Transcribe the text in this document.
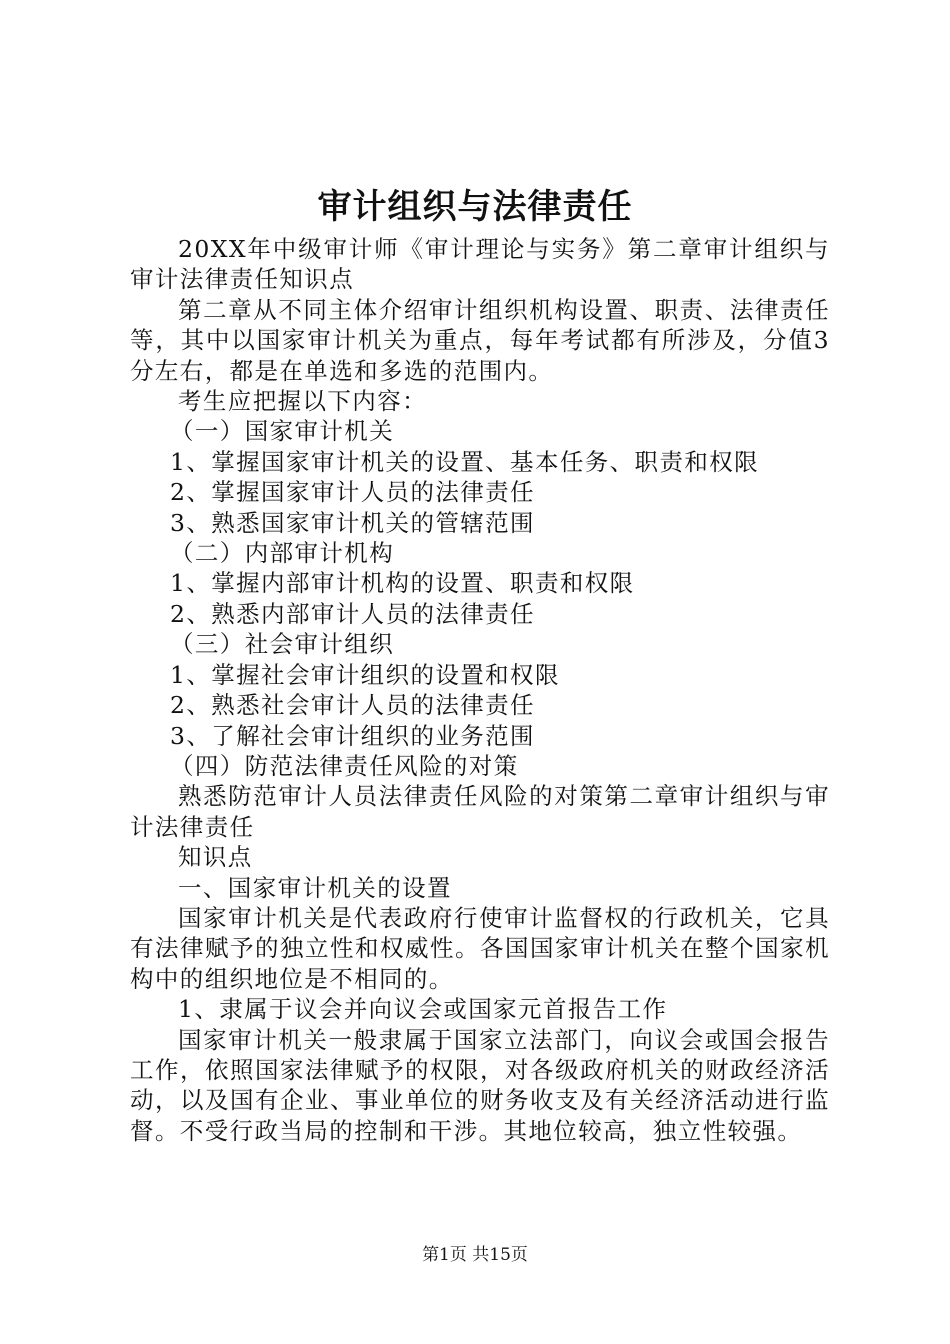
审计组织与法律责任

20XX年中级审计师《审计理论与实务》第二章审计组织与审计法律责任知识点

第二章从不同主体介绍审计组织机构设置、职责、法律责任等，其中以国家审计机关为重点，每年考试都有所涉及，分值3分左右，都是在单选和多选的范围内。

考生应把握以下内容：

（一）国家审计机关

1、掌握国家审计机关的设置、基本任务、职责和权限

2、掌握国家审计人员的法律责任

3、熟悉国家审计机关的管辖范围

（二）内部审计机构

1、掌握内部审计机构的设置、职责和权限

2、熟悉内部审计人员的法律责任

（三）社会审计组织

1、掌握社会审计组织的设置和权限

2、熟悉社会审计人员的法律责任

3、了解社会审计组织的业务范围

（四）防范法律责任风险的对策

熟悉防范审计人员法律责任风险的对策第二章审计组织与审计法律责任

知识点

一、国家审计机关的设置

国家审计机关是代表政府行使审计监督权的行政机关，它具有法律赋予的独立性和权威性。各国国家审计机关在整个国家机构中的组织地位是不相同的。

1、隶属于议会并向议会或国家元首报告工作

国家审计机关一般隶属于国家立法部门，向议会或国会报告工作，依照国家法律赋予的权限，对各级政府机关的财政经济活动，以及国有企业、事业单位的财务收支及有关经济活动进行监督。不受行政当局的控制和干涉。其地位较高，独立性较强。

第1页 共15页
